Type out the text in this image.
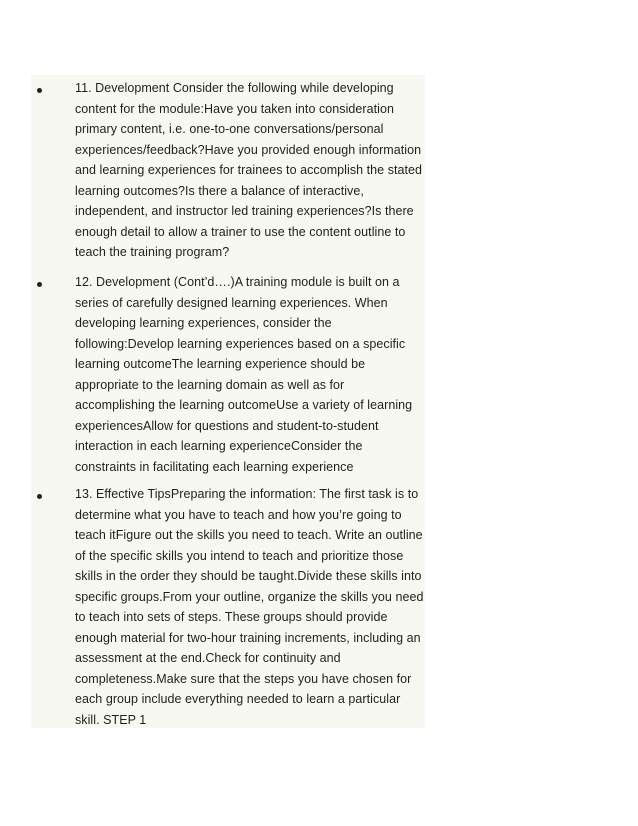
11. Development Consider the following while developing
content for the module:Have you taken into consideration
primary content, i.e. one-to-one conversations/personal
experiences/feedback?Have you provided enough information
and learning experiences for trainees to accomplish the stated
learning outcomes?Is there a balance of interactive,
independent, and instructor led training experiences?Is there
enough detail to allow a trainer to use the content outline to
teach the training program?

12. Development (Cont’d….)A training module is built on a
series of carefully designed learning experiences. When
developing learning experiences, consider the
following:Develop learning experiences based on a specific
learning outcomeThe learning experience should be
appropriate to the learning domain as well as for
accomplishing the learning outcomeUse a variety of learning
experiencesAllow for questions and student-to-student
interaction in each learning experienceConsider the
constraints in facilitating each learning experience

13. Effective TipsPreparing the information: The first task is to
determine what you have to teach and how you’re going to
teach itFigure out the skills you need to teach. Write an outline
of the specific skills you intend to teach and prioritize those
skills in the order they should be taught.Divide these skills into
specific groups.From your outline, organize the skills you need
to teach into sets of steps. These groups should provide
enough material for two-hour training increments, including an
assessment at the end.Check for continuity and
completeness.Make sure that the steps you have chosen for
each group include everything needed to learn a particular
skill. STEP 1
